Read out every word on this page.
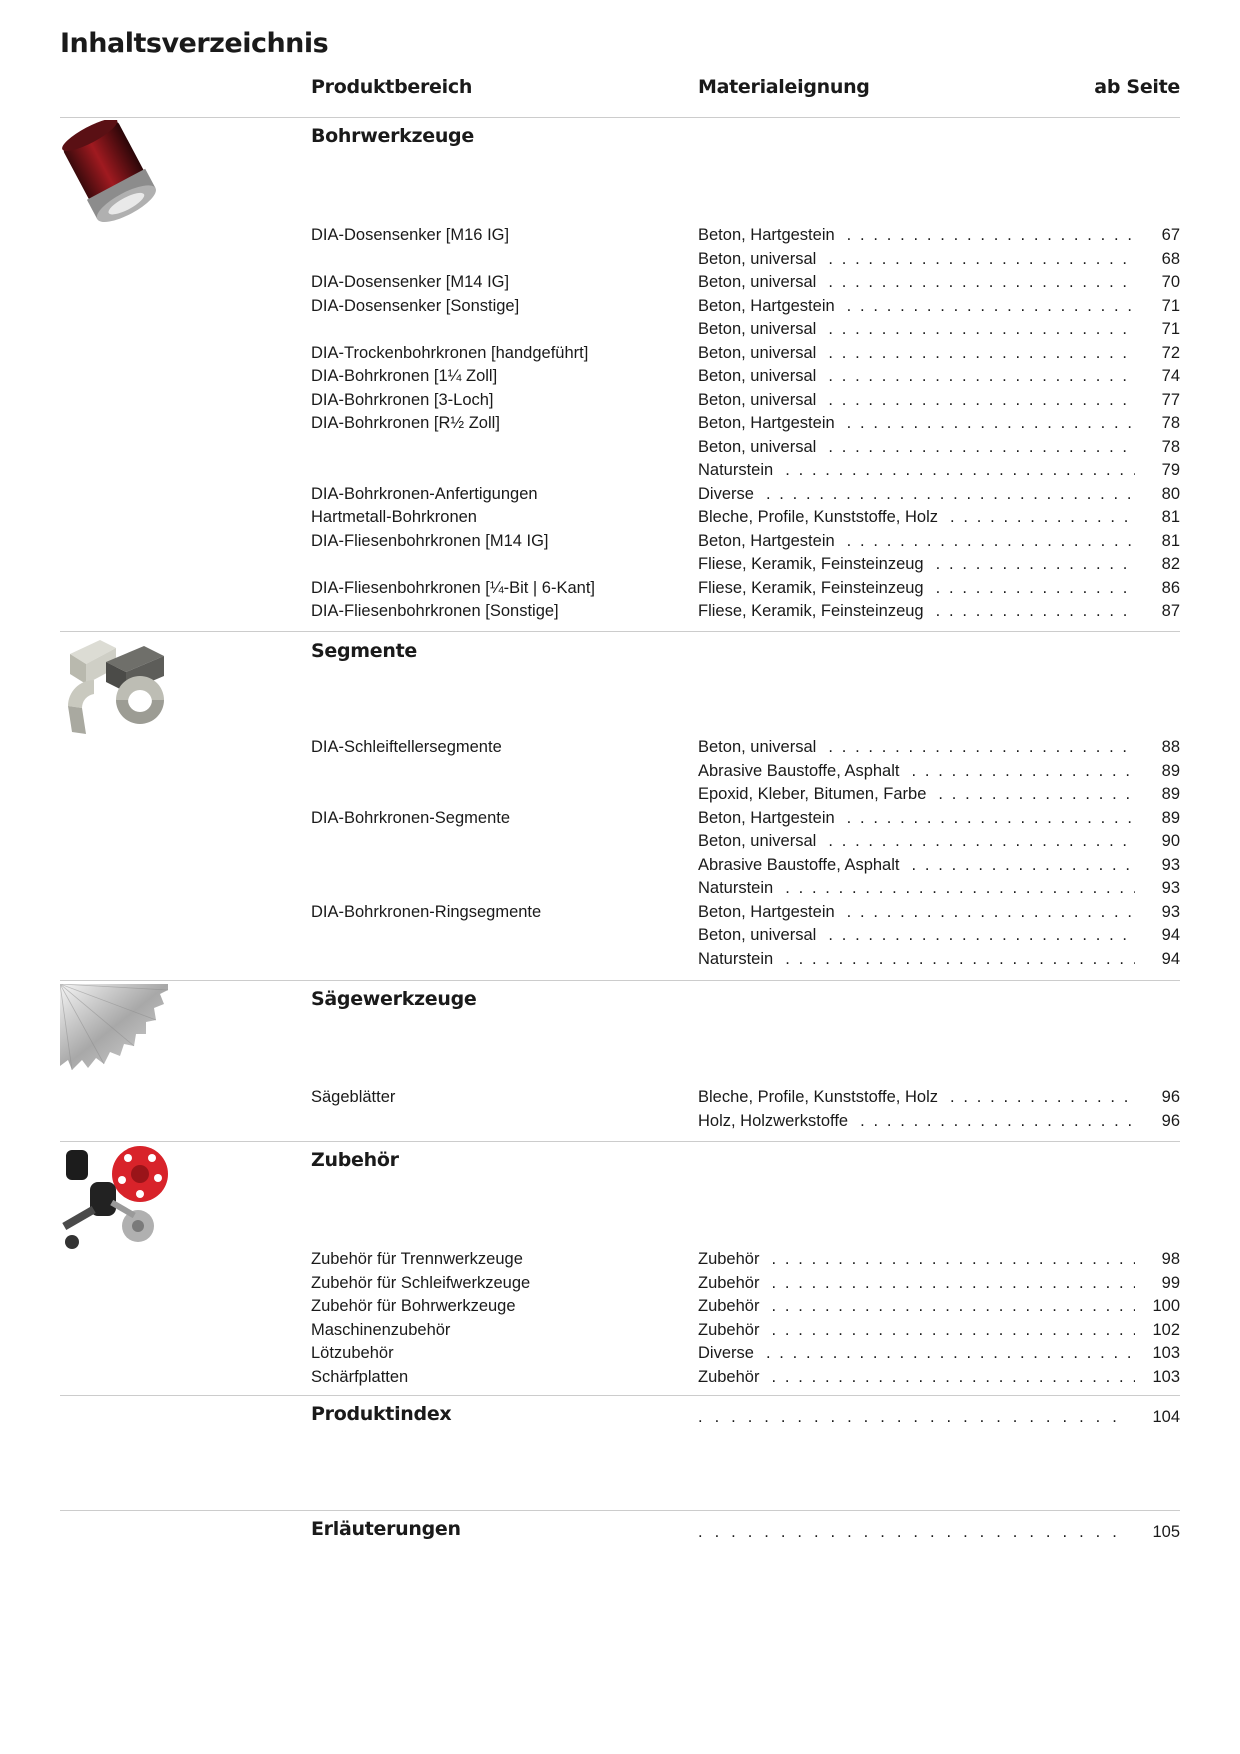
Inhaltsverzeichnis
Produktbereich	Materialeignung	ab Seite
Bohrwerkzeuge
DIA-Dosensenker [M16 IG]	Beton, Hartgestein . . .	67
Beton, universal . . .	68
DIA-Dosensenker [M14 IG]	Beton, universal . . .	70
DIA-Dosensenker [Sonstige]	Beton, Hartgestein . . .	71
Beton, universal . . .	71
DIA-Trockenbohrkronen [handgeführt]	Beton, universal . . .	72
DIA-Bohrkronen [1¼ Zoll]	Beton, universal . . .	74
DIA-Bohrkronen [3-Loch]	Beton, universal . . .	77
DIA-Bohrkronen [R½ Zoll]	Beton, Hartgestein . . .	78
Beton, universal . . .	78
Naturstein . . .	79
DIA-Bohrkronen-Anfertigungen	Diverse . . .	80
Hartmetall-Bohrkronen	Bleche, Profile, Kunststoffe, Holz . . .	81
DIA-Fliesenbohrkronen [M14 IG]	Beton, Hartgestein . . .	81
Fliese, Keramik, Feinsteinzeug . . .	82
DIA-Fliesenbohrkronen [¼-Bit | 6-Kant]	Fliese, Keramik, Feinsteinzeug . . .	86
DIA-Fliesenbohrkronen [Sonstige]	Fliese, Keramik, Feinsteinzeug . . .	87
Segmente
DIA-Schleiftellersegmente	Beton, universal . . .	88
Abrasive Baustoffe, Asphalt . . .	89
Epoxid, Kleber, Bitumen, Farbe . . .	89
DIA-Bohrkronen-Segmente	Beton, Hartgestein . . .	89
Beton, universal . . .	90
Abrasive Baustoffe, Asphalt . . .	93
Naturstein . . .	93
DIA-Bohrkronen-Ringsegmente	Beton, Hartgestein . . .	93
Beton, universal . . .	94
Naturstein . . .	94
Sägewerkzeuge
Sägeblätter	Bleche, Profile, Kunststoffe, Holz . . .	96
Holz, Holzwerkstoffe . . .	96
Zubehör
Zubehör für Trennwerkzeuge	Zubehör . . .	98
Zubehör für Schleifwerkzeuge	Zubehör . . .	99
Zubehör für Bohrwerkzeuge	Zubehör . . .	100
Maschinenzubehör	Zubehör . . .	102
Lötzubehör	Diverse . . .	103
Schärfplatten	Zubehör . . .	103
Produktindex . . .	104
Erläuterungen . . .	105
